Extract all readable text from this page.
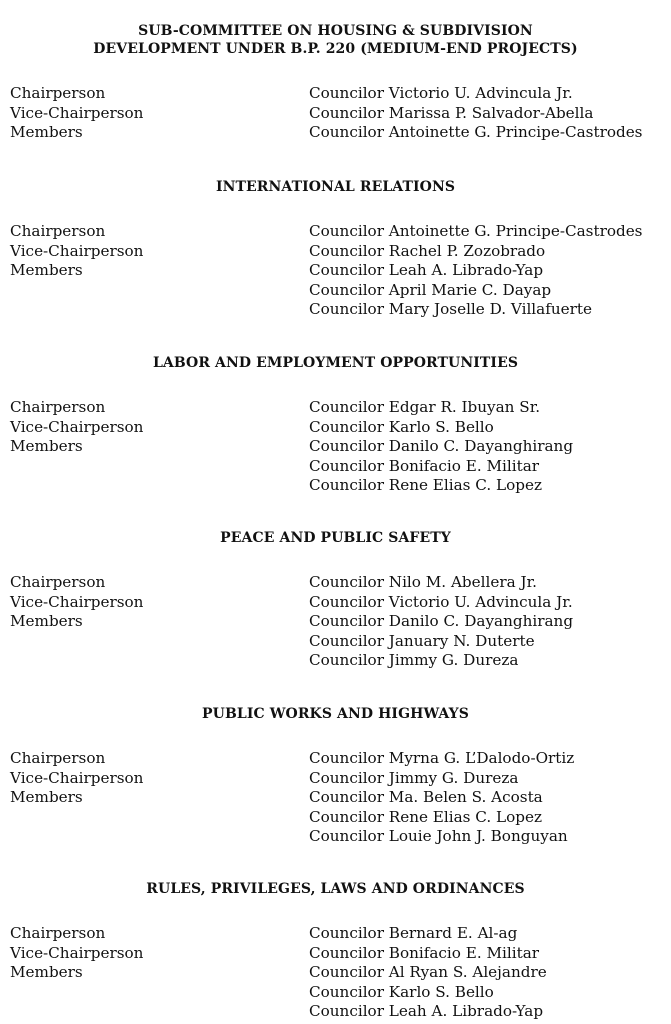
SUB-COMMITTEE ON HOUSING & SUBDIVISION
DEVELOPMENT UNDER B.P. 220 (MEDIUM-END PROJECTS)
Chairperson
Vice-Chairperson
Members
Councilor Victorio U. Advincula Jr.
Councilor Marissa P. Salvador-Abella
Councilor Antoinette G. Principe-Castrodes
INTERNATIONAL RELATIONS
Chairperson
Vice-Chairperson
Members
Councilor Antoinette G. Principe-Castrodes
Councilor Rachel P. Zozobrado
Councilor Leah A. Librado-Yap
Councilor April Marie C. Dayap
Councilor Mary Joselle D. Villafuerte
LABOR AND EMPLOYMENT OPPORTUNITIES
Chairperson
Vice-Chairperson
Members
Councilor Edgar R. Ibuyan Sr.
Councilor Karlo S. Bello
Councilor Danilo C. Dayanghirang
Councilor Bonifacio E. Militar
Councilor Rene Elias C. Lopez
PEACE AND PUBLIC SAFETY
Chairperson
Vice-Chairperson
Members
Councilor Nilo M. Abellera Jr.
Councilor Victorio U. Advincula Jr.
Councilor Danilo C. Dayanghirang
Councilor January N. Duterte
Councilor Jimmy G. Dureza
PUBLIC WORKS AND HIGHWAYS
Chairperson
Vice-Chairperson
Members
Councilor Myrna G. L’Dalodo-Ortiz
Councilor Jimmy G. Dureza
Councilor Ma. Belen S. Acosta
Councilor Rene Elias C. Lopez
Councilor Louie John J. Bonguyan
RULES, PRIVILEGES, LAWS AND ORDINANCES
Chairperson
Vice-Chairperson
Members
Councilor Bernard E. Al-ag
Councilor Bonifacio E. Militar
Councilor Al Ryan S. Alejandre
Councilor Karlo S. Bello
Councilor Leah A. Librado-Yap
